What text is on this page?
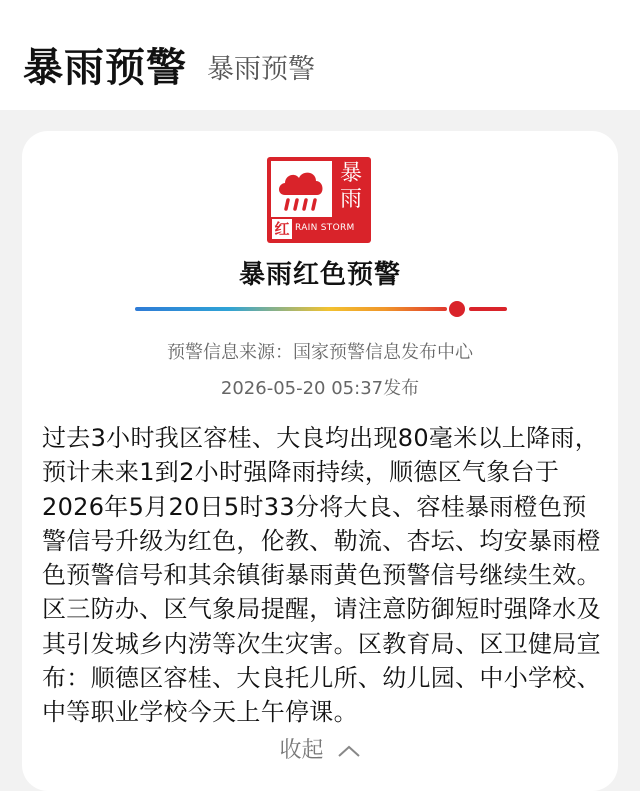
暴雨预警 暴雨预警
暴
雨
红 RAIN STORM
暴雨红色预警
预警信息来源：国家预警信息发布中心
2026-05-20 05:37发布
过去3小时我区容桂、大良均出现80毫米以上降雨，预计未来1到2小时强降雨持续，顺德区气象台于2026年5月20日5时33分将大良、容桂暴雨橙色预警信号升级为红色，伦教、勒流、杏坛、均安暴雨橙色预警信号和其余镇街暴雨黄色预警信号继续生效。区三防办、区气象局提醒，请注意防御短时强降水及其引发城乡内涝等次生灾害。区教育局、区卫健局宣布：顺德区容桂、大良托儿所、幼儿园、中小学校、中等职业学校今天上午停课。
收起
